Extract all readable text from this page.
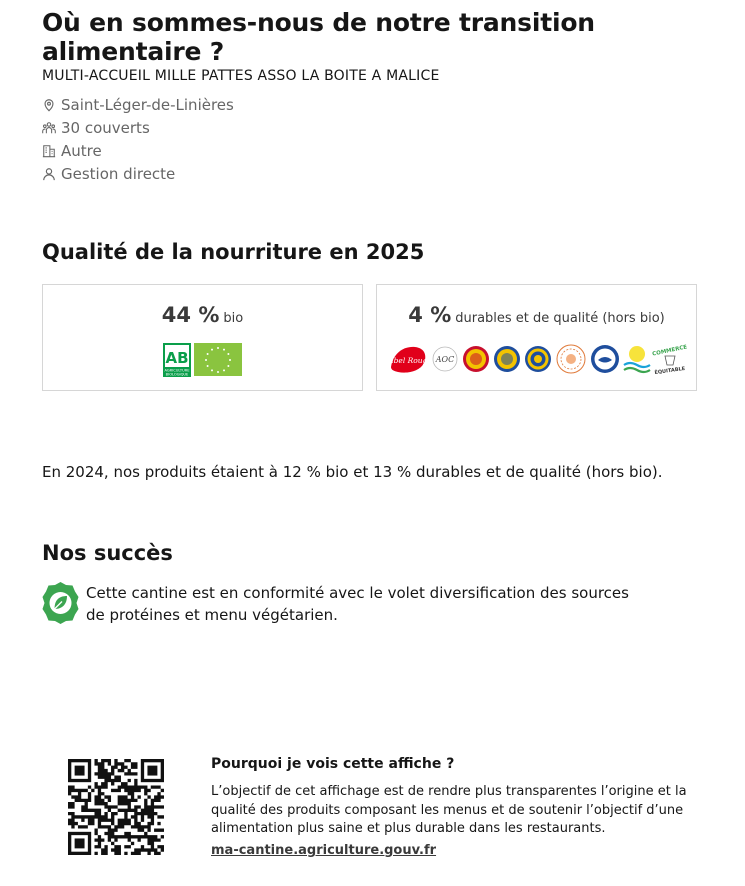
Où en sommes-nous de notre transition alimentaire ?
MULTI-ACCUEIL MILLE PATTES ASSO LA BOITE A MALICE
Saint-Léger-de-Linières
30 couverts
Autre
Gestion directe
Qualité de la nourriture en 2025
44 % bio
AB
AGRICULTURE
BIOLOGIQUE
4 % durables et de qualité (hors bio)
Label Rouge AOC
COMMERCE
ÉQUITABLE

En 2024, nos produits étaient à 12 % bio et 13 % durables et de qualité (hors bio).

Nos succès
Cette cantine est en conformité avec le volet diversification des sources de protéines et menu végétarien.
Pourquoi je vois cette affiche ?

L’objectif de cet affichage est de rendre plus transparentes l’origine et la qualité des produits composant les menus et de soutenir l’objectif d’une alimentation plus saine et plus durable dans les restaurants.

ma-cantine.agriculture.gouv.fr
